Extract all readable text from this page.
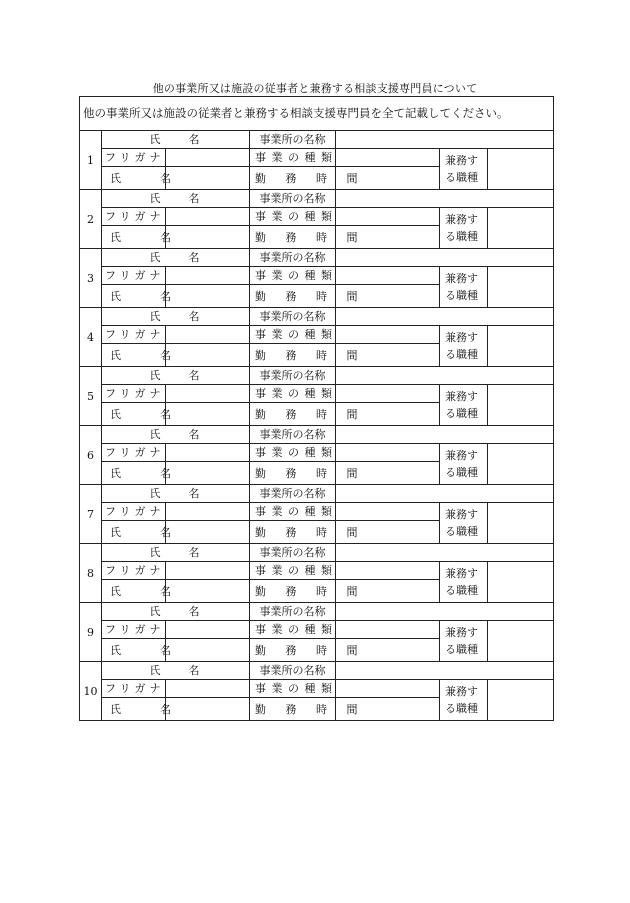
他の事業所又は施設の従事者と兼務する相談支援専門員について
他の事業所又は施設の従業者と兼務する相談支援専門員を全て記載してください。						
1	氏　　名		事業所の名称			
	フリガナ		事 業 の 種 類		兼務する職種	
	氏　名		勤 務 時 間			
2	氏　　名		事業所の名称			
	フリガナ		事 業 の 種 類		兼務する職種	
	氏　名		勤 務 時 間			
3	氏　　名		事業所の名称			
	フリガナ		事 業 の 種 類		兼務する職種	
	氏　名		勤 務 時 間			
4	氏　　名		事業所の名称			
	フリガナ		事 業 の 種 類		兼務する職種	
	氏　名		勤 務 時 間			
5	氏　　名		事業所の名称			
	フリガナ		事 業 の 種 類		兼務する職種	
	氏　名		勤 務 時 間			
6	氏　　名		事業所の名称			
	フリガナ		事 業 の 種 類		兼務する職種	
	氏　名		勤 務 時 間			
7	氏　　名		事業所の名称			
	フリガナ		事 業 の 種 類		兼務する職種	
	氏　名		勤 務 時 間			
8	氏　　名		事業所の名称			
	フリガナ		事 業 の 種 類		兼務する職種	
	氏　名		勤 務 時 間			
9	氏　　名		事業所の名称			
	フリガナ		事 業 の 種 類		兼務する職種	
	氏　名		勤 務 時 間			
10	氏　　名		事業所の名称			
	フリガナ		事 業 の 種 類		兼務する職種	
	氏　名		勤 務 時 間			
